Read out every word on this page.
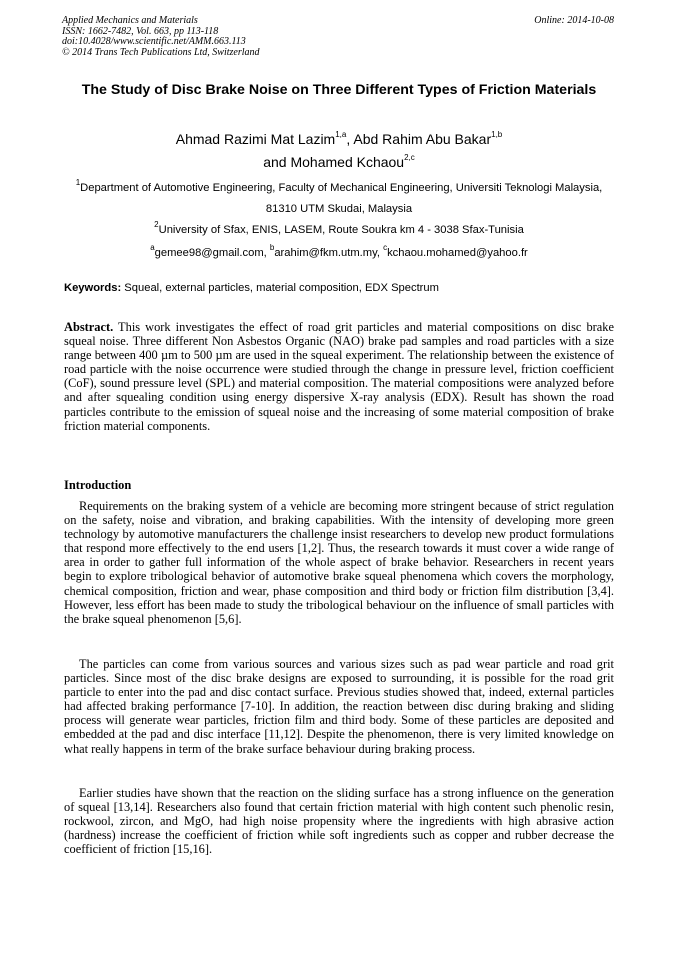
Applied Mechanics and Materials
ISSN: 1662-7482, Vol. 663, pp 113-118
doi:10.4028/www.scientific.net/AMM.663.113
© 2014 Trans Tech Publications Ltd, Switzerland
Online: 2014-10-08
The Study of Disc Brake Noise on Three Different Types of Friction Materials
Ahmad Razimi Mat Lazim$^{1,a}$, Abd Rahim Abu Bakar$^{1,b}$
and Mohamed Kchaou$^{2,c}$
$^1$Department of Automotive Engineering, Faculty of Mechanical Engineering, Universiti Teknologi Malaysia, 81310 UTM Skudai, Malaysia
$^2$University of Sfax, ENIS, LASEM, Route Soukra km 4 - 3038 Sfax-Tunisia
$^a$gemee98@gmail.com, $^b$arahim@fkm.utm.my, $^c$kchaou.mohamed@yahoo.fr
Keywords: Squeal, external particles, material composition, EDX Spectrum
Abstract. This work investigates the effect of road grit particles and material compositions on disc brake squeal noise. Three different Non Asbestos Organic (NAO) brake pad samples and road particles with a size range between 400 µm to 500 µm are used in the squeal experiment. The relationship between the existence of road particle with the noise occurrence were studied through the change in pressure level, friction coefficient (CoF), sound pressure level (SPL) and material composition. The material compositions were analyzed before and after squealing condition using energy dispersive X-ray analysis (EDX). Result has shown the road particles contribute to the emission of squeal noise and the increasing of some material composition of brake friction material components.
Introduction
Requirements on the braking system of a vehicle are becoming more stringent because of strict regulation on the safety, noise and vibration, and braking capabilities. With the intensity of developing more green technology by automotive manufacturers the challenge insist researchers to develop new product formulations that respond more effectively to the end users [1,2]. Thus, the research towards it must cover a wide range of area in order to gather full information of the whole aspect of brake behavior. Researchers in recent years begin to explore tribological behavior of automotive brake squeal phenomena which covers the morphology, chemical composition, friction and wear, phase composition and third body or friction film distribution [3,4]. However, less effort has been made to study the tribological behaviour on the influence of small particles with the brake squeal phenomenon [5,6].
The particles can come from various sources and various sizes such as pad wear particle and road grit particles. Since most of the disc brake designs are exposed to surrounding, it is possible for the road grit particle to enter into the pad and disc contact surface. Previous studies showed that, indeed, external particles had affected braking performance [7-10]. In addition, the reaction between disc during braking and sliding process will generate wear particles, friction film and third body. Some of these particles are deposited and embedded at the pad and disc interface [11,12]. Despite the phenomenon, there is very limited knowledge on what really happens in term of the brake surface behaviour during braking process.
Earlier studies have shown that the reaction on the sliding surface has a strong influence on the generation of squeal [13,14]. Researchers also found that certain friction material with high content such phenolic resin, rockwool, zircon, and MgO, had high noise propensity where the ingredients with high abrasive action (hardness) increase the coefficient of friction while soft ingredients such as copper and rubber decrease the coefficient of friction [15,16].
